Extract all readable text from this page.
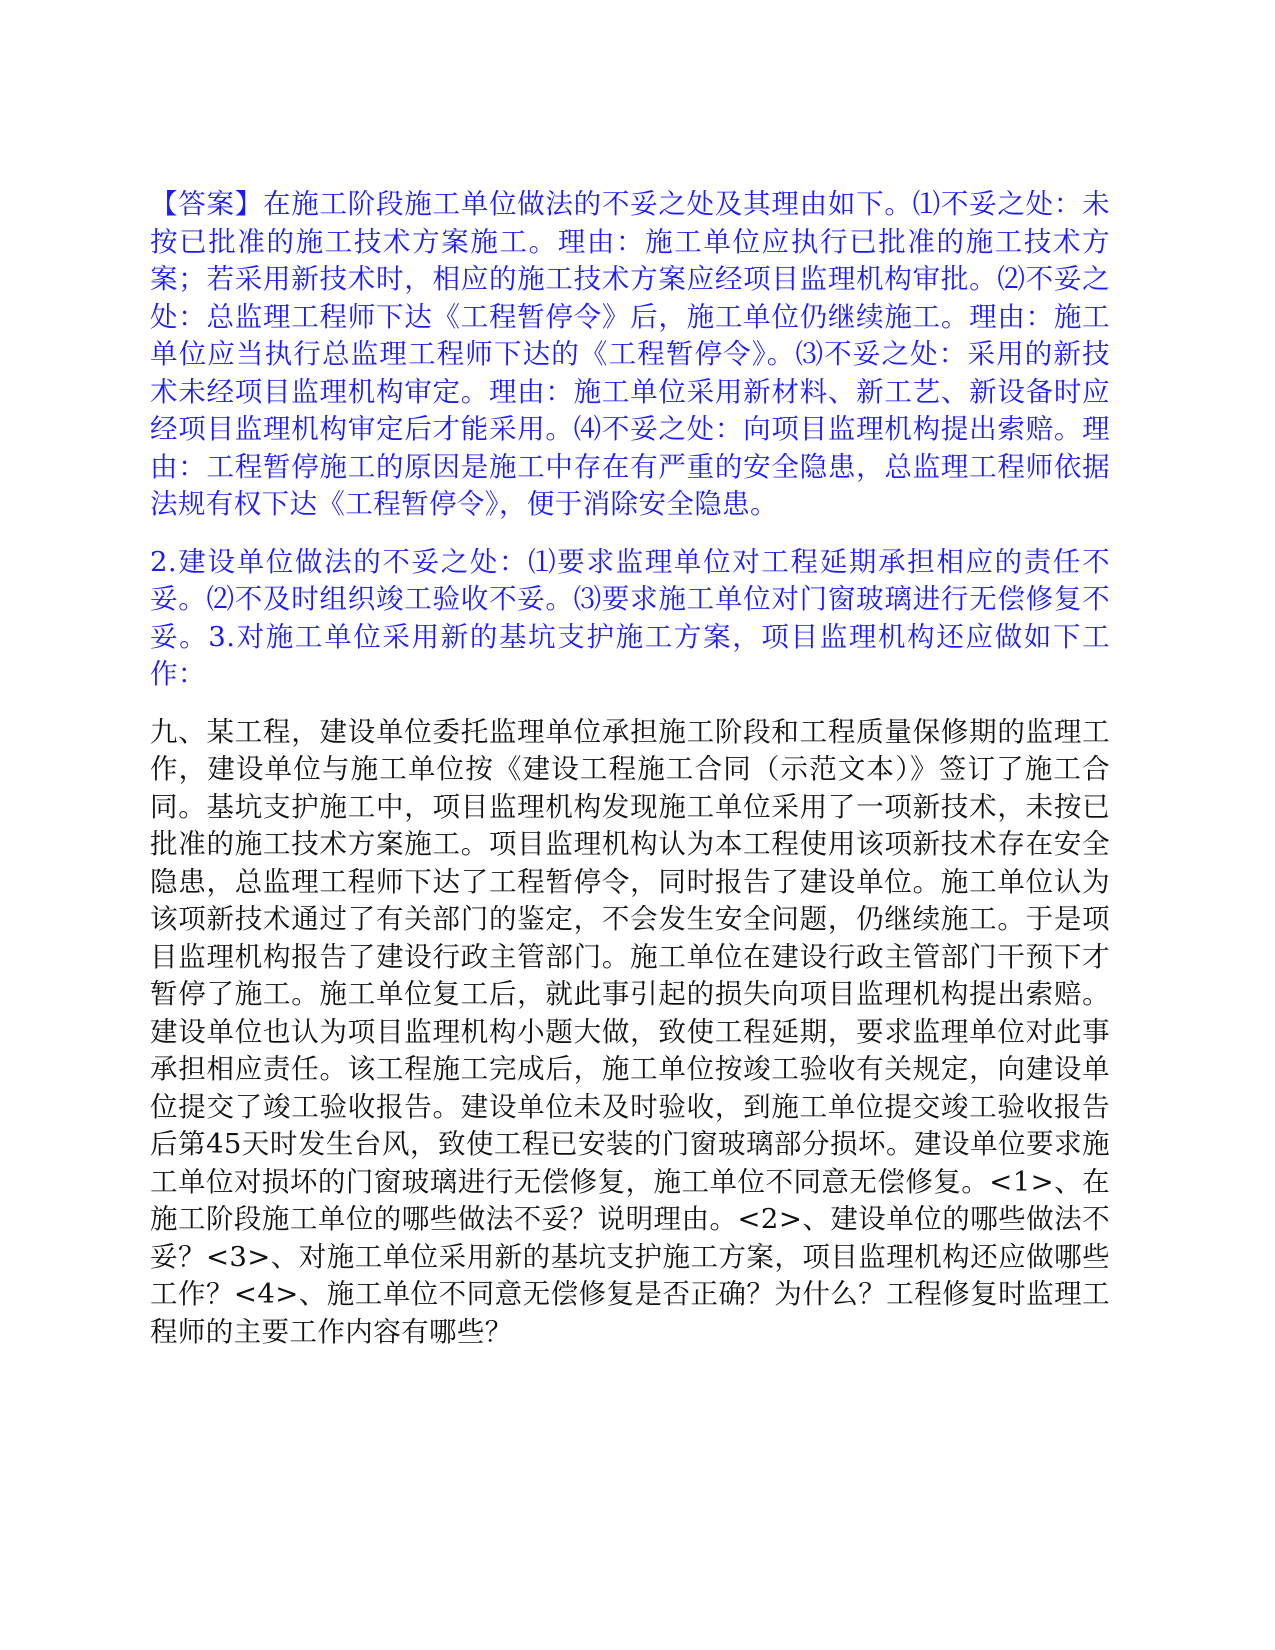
【答案】在施工阶段施工单位做法的不妥之处及其理由如下。⑴不妥之处：未按已批准的施工技术方案施工。理由：施工单位应执行已批准的施工技术方案；若采用新技术时，相应的施工技术方案应经项目监理机构审批。⑵不妥之处：总监理工程师下达《工程暂停令》后，施工单位仍继续施工。理由：施工单位应当执行总监理工程师下达的《工程暂停令》。⑶不妥之处：采用的新技术未经项目监理机构审定。理由：施工单位采用新材料、新工艺、新设备时应经项目监理机构审定后才能采用。⑷不妥之处：向项目监理机构提出索赔。理由：工程暂停施工的原因是施工中存在有严重的安全隐患，总监理工程师依据法规有权下达《工程暂停令》，便于消除安全隐患。

2.建设单位做法的不妥之处：⑴要求监理单位对工程延期承担相应的责任不妥。⑵不及时组织竣工验收不妥。⑶要求施工单位对门窗玻璃进行无偿修复不妥。3.对施工单位采用新的基坑支护施工方案，项目监理机构还应做如下工作：

九、某工程，建设单位委托监理单位承担施工阶段和工程质量保修期的监理工作，建设单位与施工单位按《建设工程施工合同（示范文本）》签订了施工合同。基坑支护施工中，项目监理机构发现施工单位采用了一项新技术，未按已批准的施工技术方案施工。项目监理机构认为本工程使用该项新技术存在安全隐患，总监理工程师下达了工程暂停令，同时报告了建设单位。施工单位认为该项新技术通过了有关部门的鉴定，不会发生安全问题，仍继续施工。于是项目监理机构报告了建设行政主管部门。施工单位在建设行政主管部门干预下才暂停了施工。施工单位复工后，就此事引起的损失向项目监理机构提出索赔。建设单位也认为项目监理机构小题大做，致使工程延期，要求监理单位对此事承担相应责任。该工程施工完成后，施工单位按竣工验收有关规定，向建设单位提交了竣工验收报告。建设单位未及时验收，到施工单位提交竣工验收报告后第45天时发生台风，致使工程已安装的门窗玻璃部分损坏。建设单位要求施工单位对损坏的门窗玻璃进行无偿修复，施工单位不同意无偿修复。<1>、在施工阶段施工单位的哪些做法不妥？说明理由。<2>、建设单位的哪些做法不妥？<3>、对施工单位采用新的基坑支护施工方案，项目监理机构还应做哪些工作？<4>、施工单位不同意无偿修复是否正确？为什么？工程修复时监理工程师的主要工作内容有哪些？
